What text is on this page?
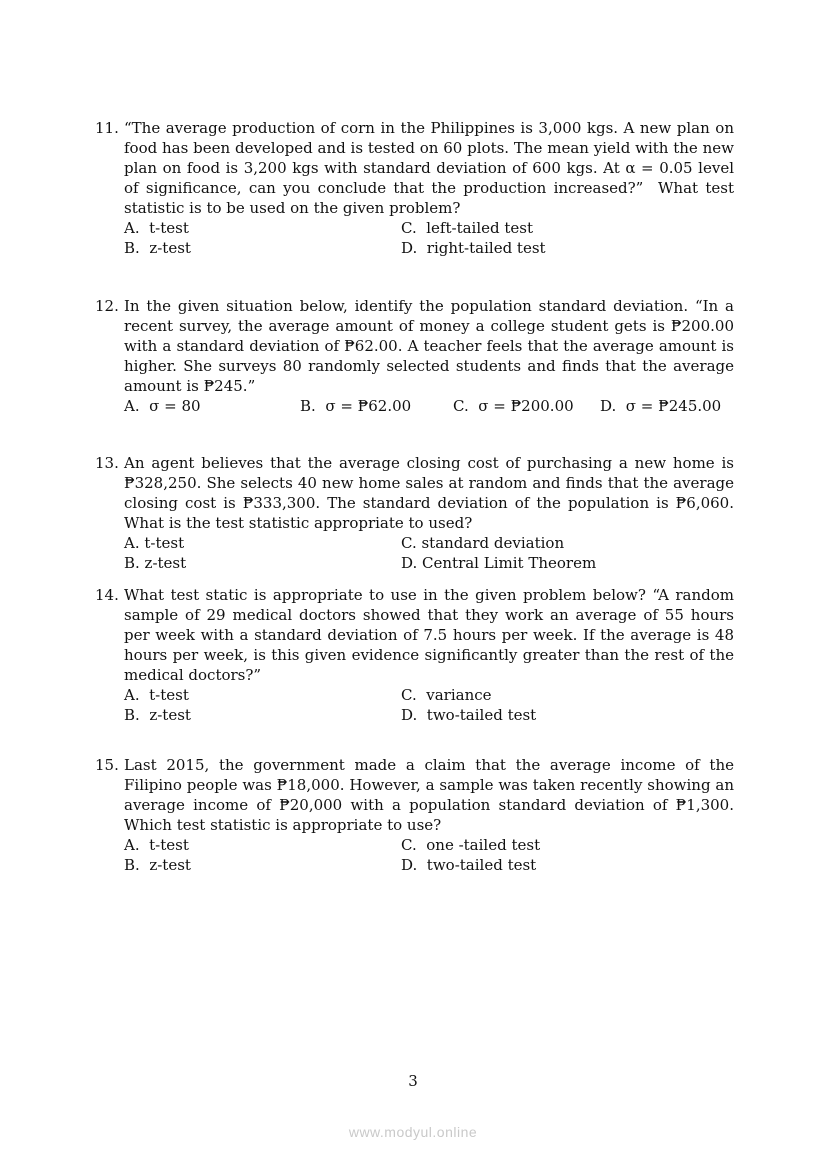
11. “The average production of corn in the Philippines is 3,000 kgs. A new plan on food has been developed and is tested on 60 plots. The mean yield with the new plan on food is 3,200 kgs with standard deviation of 600 kgs. At α = 0.05 level of significance, can you conclude that the production increased?”  What test statistic is to be used on the given problem?

A.  t-test	C.  left-tailed test
B.  z-test	D.  right-tailed test
12. In the given situation below, identify the population standard deviation. “In a recent survey, the average amount of money a college student gets is ₱200.00 with a standard deviation of ₱62.00. A teacher feels that the average amount is higher. She surveys 80 randomly selected students and finds that the average amount is ₱245.”

A.  σ = 80	B.  σ = ₱62.00	C.  σ = ₱200.00	D.  σ = ₱245.00
13. An agent believes that the average closing cost of purchasing a new home is ₱328,250. She selects 40 new home sales at random and finds that the average closing cost is ₱333,300. The standard deviation of the population is ₱6,060. What is the test statistic appropriate to used?

A. t-test	C. standard deviation
B. z-test	D. Central Limit Theorem
14. What test static is appropriate to use in the given problem below? “A random sample of 29 medical doctors showed that they work an average of 55 hours per week with a standard deviation of 7.5 hours per week. If the average is 48 hours per week, is this given evidence significantly greater than the rest of the medical doctors?”

A.  t-test	C.  variance
B.  z-test	D.  two-tailed test
15. Last 2015, the government made a claim that the average income of the Filipino people was ₱18,000. However, a sample was taken recently showing an average income of ₱20,000 with a population standard deviation of ₱1,300. Which test statistic is appropriate to use?

A.  t-test	C.  one -tailed test
B.  z-test	D.  two-tailed test
3
www.modyul.online
